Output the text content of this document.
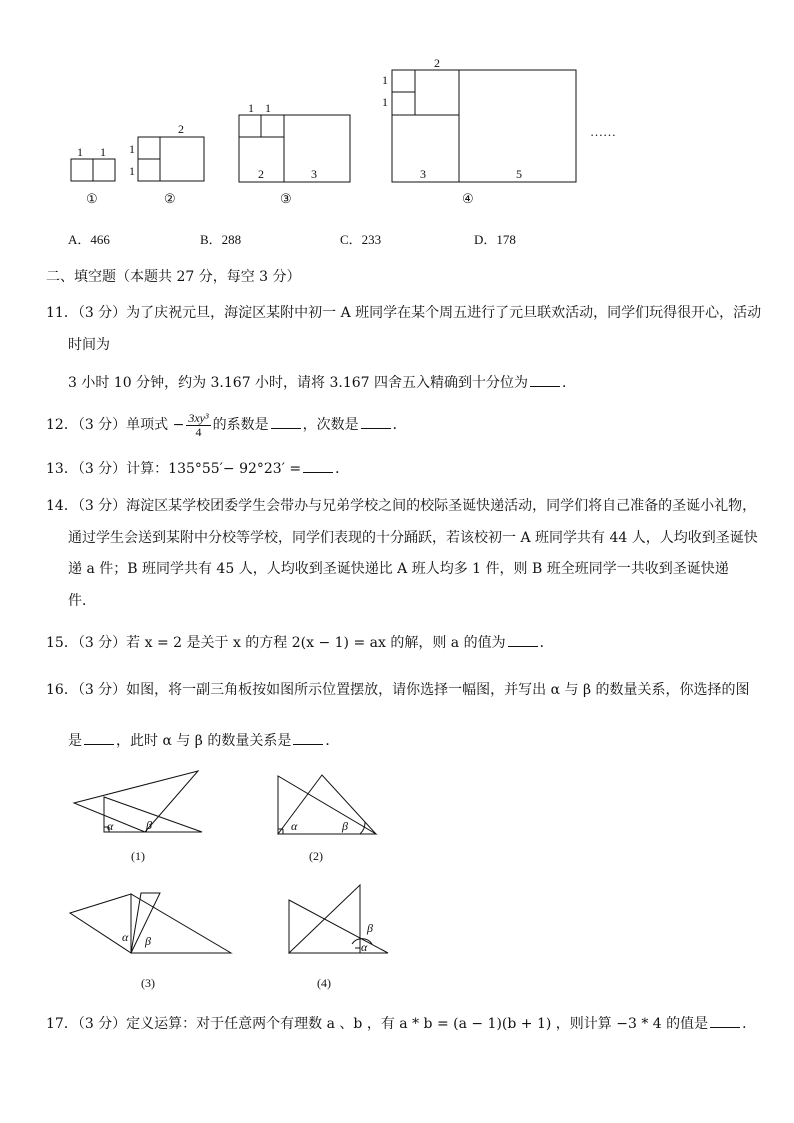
1 1
2
1
1
1 1
2	3
2
1
1
3	5
……
①	②	③	④
A．466	B．288	C．233	D．178
二、填空题（本题共 27 分，每空 3 分）
11．（3 分）为了庆祝元旦，海淀区某附中初一 A 班同学在某个周五进行了元旦联欢活动，同学们玩得很开心，活动
时间为
3 小时 10 分钟，约为 3.167 小时，请将 3.167 四舍五入精确到十分位为 ．
12．（3 分）单项式 − $\frac{\text{3xy³}}{4}$ 的系数是 ，次数是 ．
13．（3 分）计算：135°55′− 92°23′ = ．
14．（3 分）海淀区某学校团委学生会带办与兄弟学校之间的校际圣诞快递活动，同学们将自己准备的圣诞小礼物，
通过学生会送到某附中分校等学校，同学们表现的十分踊跃，若该校初一 A 班同学共有 44 人，人均收到圣诞快
递 a 件；B 班同学共有 45 人，人均收到圣诞快递比 A 班人均多 1 件，则 B 班全班同学一共收到圣诞快递
件．
15．（3 分）若 x = 2 是关于 x 的方程 2(x − 1) = ax 的解，则 a 的值为 ．
16．（3 分）如图，将一副三角板按如图所示位置摆放，请你选择一幅图，并写出 α 与 β 的数量关系，你选择的图
是 ，此时 α 与 β 的数量关系是 ．
α	β	α	β
α β
β
α
(1)	(2)
(3)	(4)
17．（3 分）定义运算：对于任意两个有理数 a 、b ，有 a * b = (a − 1)(b + 1) ，则计算 −3 * 4 的值是 ．
